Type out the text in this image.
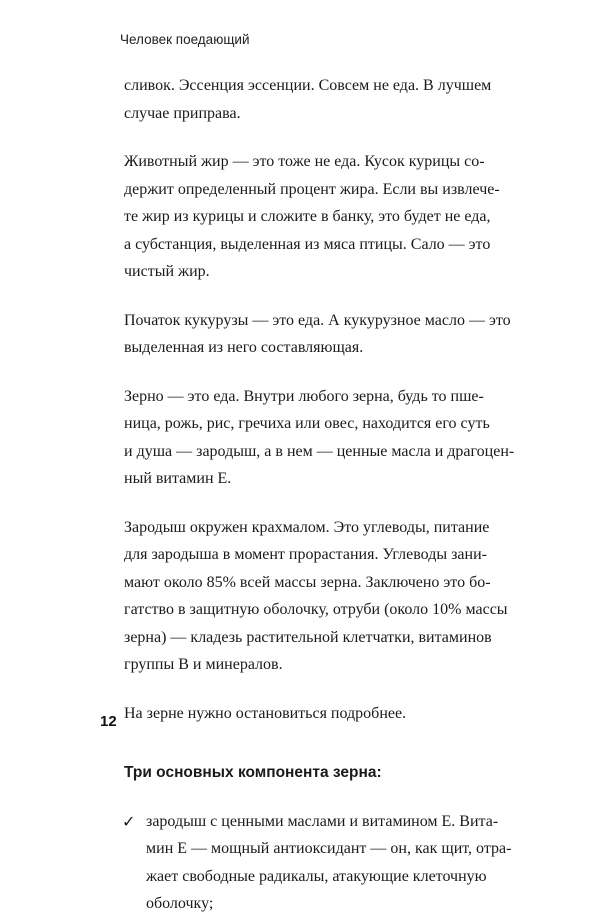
Человек поедающий
сливок. Эссенция эссенции. Совсем не еда. В лучшем
случае приправа.
Животный жир — это тоже не еда. Кусок курицы со-
держит определенный процент жира. Если вы извлече-
те жир из курицы и сложите в банку, это будет не еда,
а субстанция, выделенная из мяса птицы. Сало — это
чистый жир.
Початок кукурузы — это еда. А кукурузное масло — это
выделенная из него составляющая.
Зерно — это еда. Внутри любого зерна, будь то пше-
ница, рожь, рис, гречиха или овес, находится его суть
и душа — зародыш, а в нем — ценные масла и драгоцен-
ный витамин Е.
Зародыш окружен крахмалом. Это углеводы, питание
для зародыша в момент прорастания. Углеводы зани-
мают около 85% всей массы зерна. Заключено это бо-
гатство в защитную оболочку, отруби (около 10% массы
зерна) — кладезь растительной клетчатки, витаминов
группы В и минералов.
На зерне нужно остановиться подробнее.
Три основных компонента зерна:
✓ зародыш с ценными маслами и витамином Е. Вита-
мин Е — мощный антиоксидант — он, как щит, отра-
жает свободные радикалы, атакующие клеточную
оболочку;
12
